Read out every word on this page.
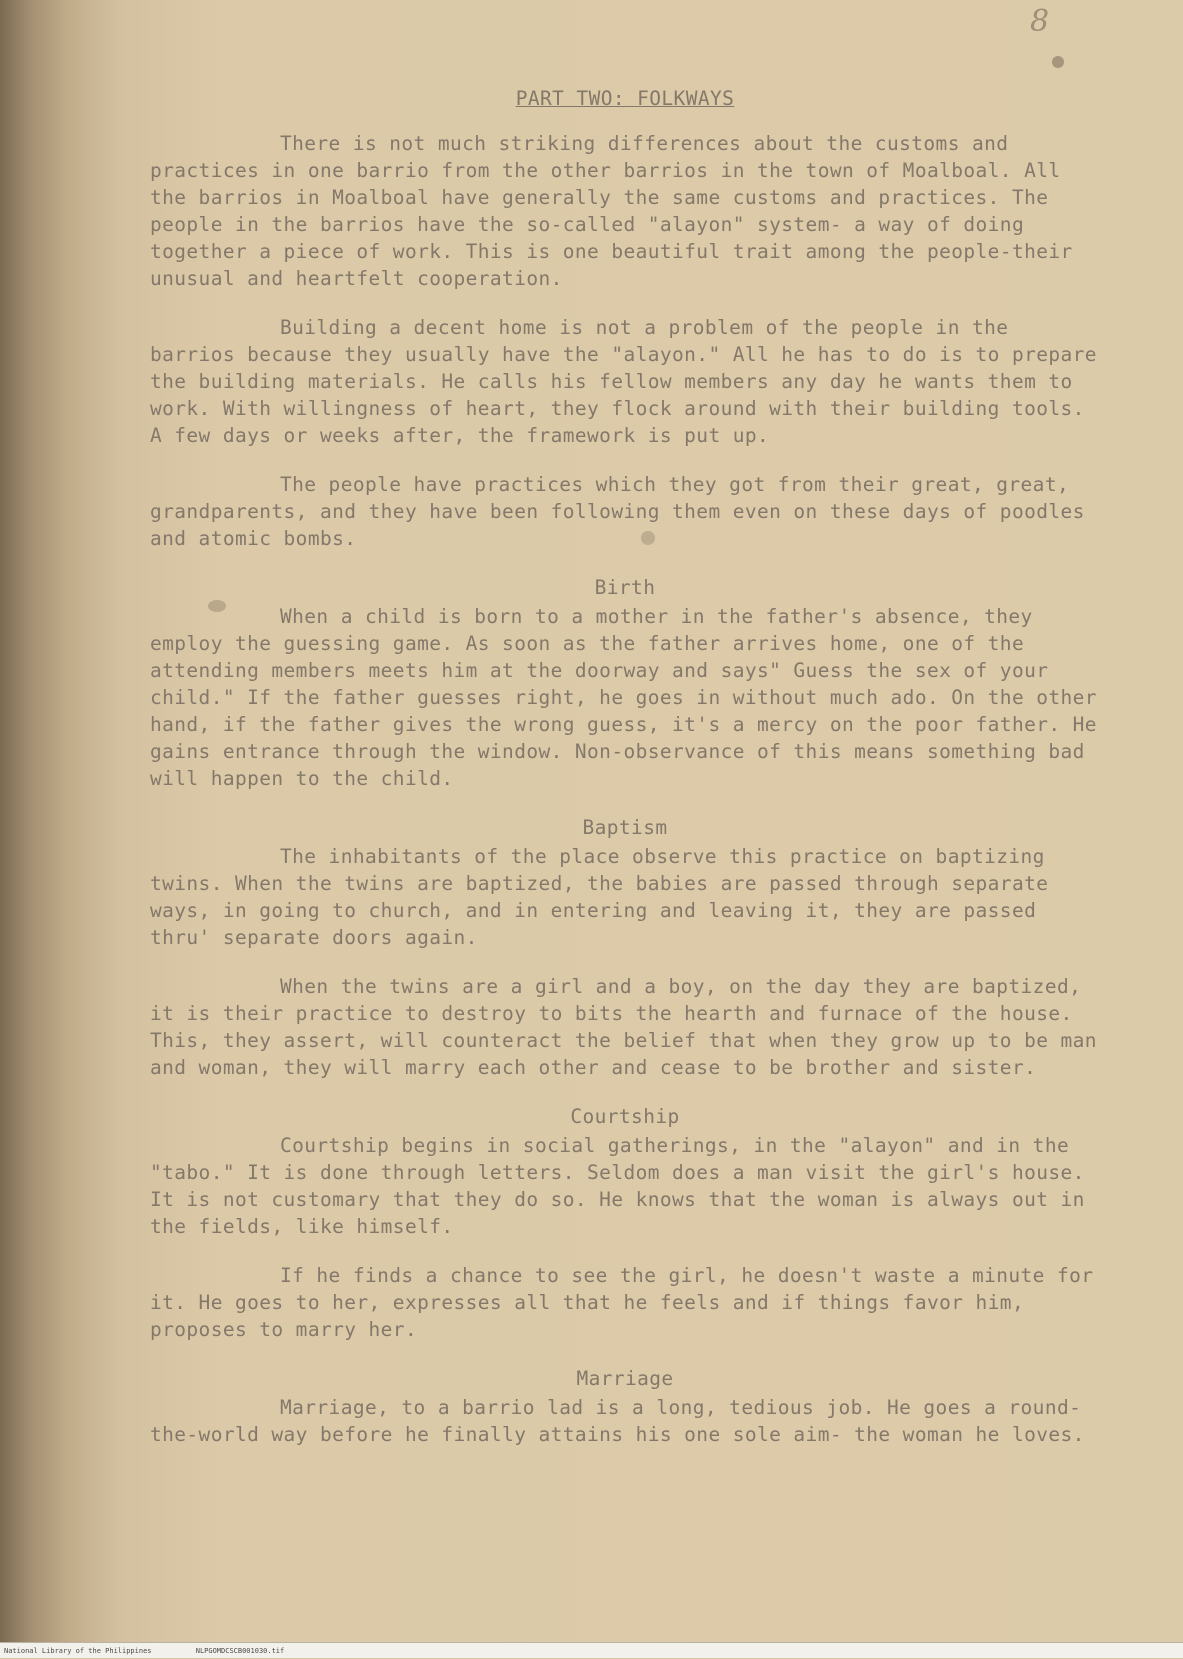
8
PART TWO: FOLKWAYS

There is not much striking differences about the customs and practices in one barrio from the other barrios in the town of Moalboal. All the barrios in Moalboal have generally the same customs and practices. The people in the barrios have the so-called "alayon" system- a way of doing together a piece of work. This is one beautiful trait among the people-their unusual and heartfelt cooperation.

Building a decent home is not a problem of the people in the barrios because they usually have the "alayon." All he has to do is to prepare the building materials. He calls his fellow members any day he wants them to work. With willingness of heart, they flock around with their building tools. A few days or weeks after, the framework is put up.

The people have practices which they got from their great, great, grandparents, and they have been following them even on these days of poodles and atomic bombs.

Birth

When a child is born to a mother in the father's absence, they employ the guessing game. As soon as the father arrives home, one of the attending members meets him at the doorway and says" Guess the sex of your child." If the father guesses right, he goes in without much ado. On the other hand, if the father gives the wrong guess, it's a mercy on the poor father. He gains entrance through the window. Non-observance of this means something bad will happen to the child.

Baptism

The inhabitants of the place observe this practice on baptizing twins. When the twins are baptized, the babies are passed through separate ways, in going to church, and in entering and leaving it, they are passed thru' separate doors again.

When the twins are a girl and a boy, on the day they are baptized, it is their practice to destroy to bits the hearth and furnace of the house. This, they assert, will counteract the belief that when they grow up to be man and woman, they will marry each other and cease to be brother and sister.

Courtship

Courtship begins in social gatherings, in the "alayon" and in the "tabo." It is done through letters. Seldom does a man visit the girl's house. It is not customary that they do so. He knows that the woman is always out in the fields, like himself.

If he finds a chance to see the girl, he doesn't waste a minute for it. He goes to her, expresses all that he feels and if things favor him, proposes to marry her.

Marriage

Marriage, to a barrio lad is a long, tedious job. He goes a round-the-world way before he finally attains his one sole aim- the woman he loves.

National Library of the Philippines	NLPGOMDCSCB001030.tif
